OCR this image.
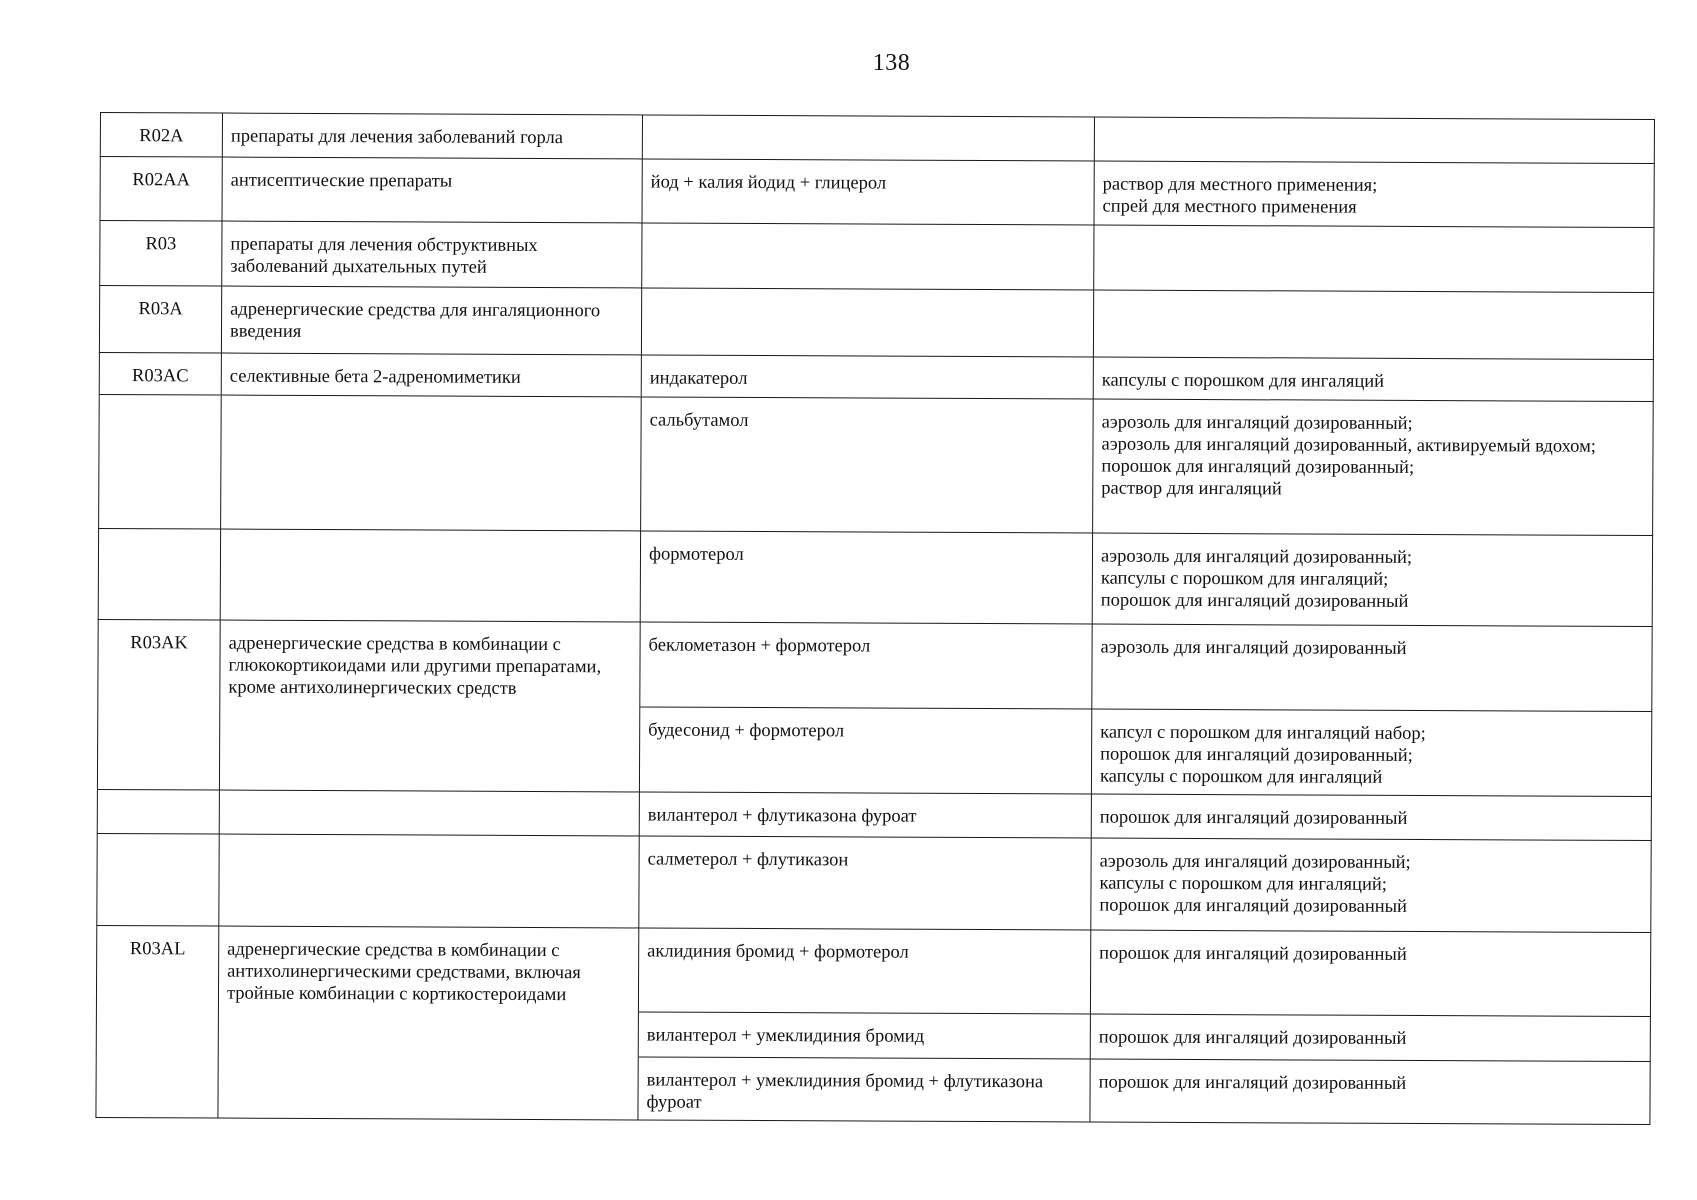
138
R02A	препараты для лечения заболеваний горла		
R02AA	антисептические препараты	йод + калия йодид + глицерол	раствор для местного применения;
спрей для местного применения
R03	препараты для лечения обструктивных заболеваний дыхательных путей		
R03A	адренергические средства для ингаляционного введения		
R03AC	селективные бета 2-адреномиметики	индакатерол	капсулы с порошком для ингаляций
		сальбутамол	аэрозоль для ингаляций дозированный;
аэрозоль для ингаляций дозированный, активируемый вдохом;
порошок для ингаляций дозированный;
раствор для ингаляций
		формотерол	аэрозоль для ингаляций дозированный;
капсулы с порошком для ингаляций;
порошок для ингаляций дозированный
R03AK	адренергические средства в комбинации с глюкокортикоидами или другими препаратами, кроме антихолинергических средств	беклометазон + формотерол	аэрозоль для ингаляций дозированный
		будесонид + формотерол	капсул с порошком для ингаляций набор;
порошок для ингаляций дозированный;
капсулы с порошком для ингаляций
		вилантерол + флутиказона фуроат	порошок для ингаляций дозированный
		салметерол + флутиказон	аэрозоль для ингаляций дозированный;
капсулы с порошком для ингаляций;
порошок для ингаляций дозированный
R03AL	адренергические средства в комбинации с антихолинергическими средствами, включая тройные комбинации с кортикостероидами	аклидиния бромид + формотерол	порошок для ингаляций дозированный
		вилантерол + умеклидиния бромид	порошок для ингаляций дозированный
		вилантерол + умеклидиния бромид + флутиказона фуроат	порошок для ингаляций дозированный
